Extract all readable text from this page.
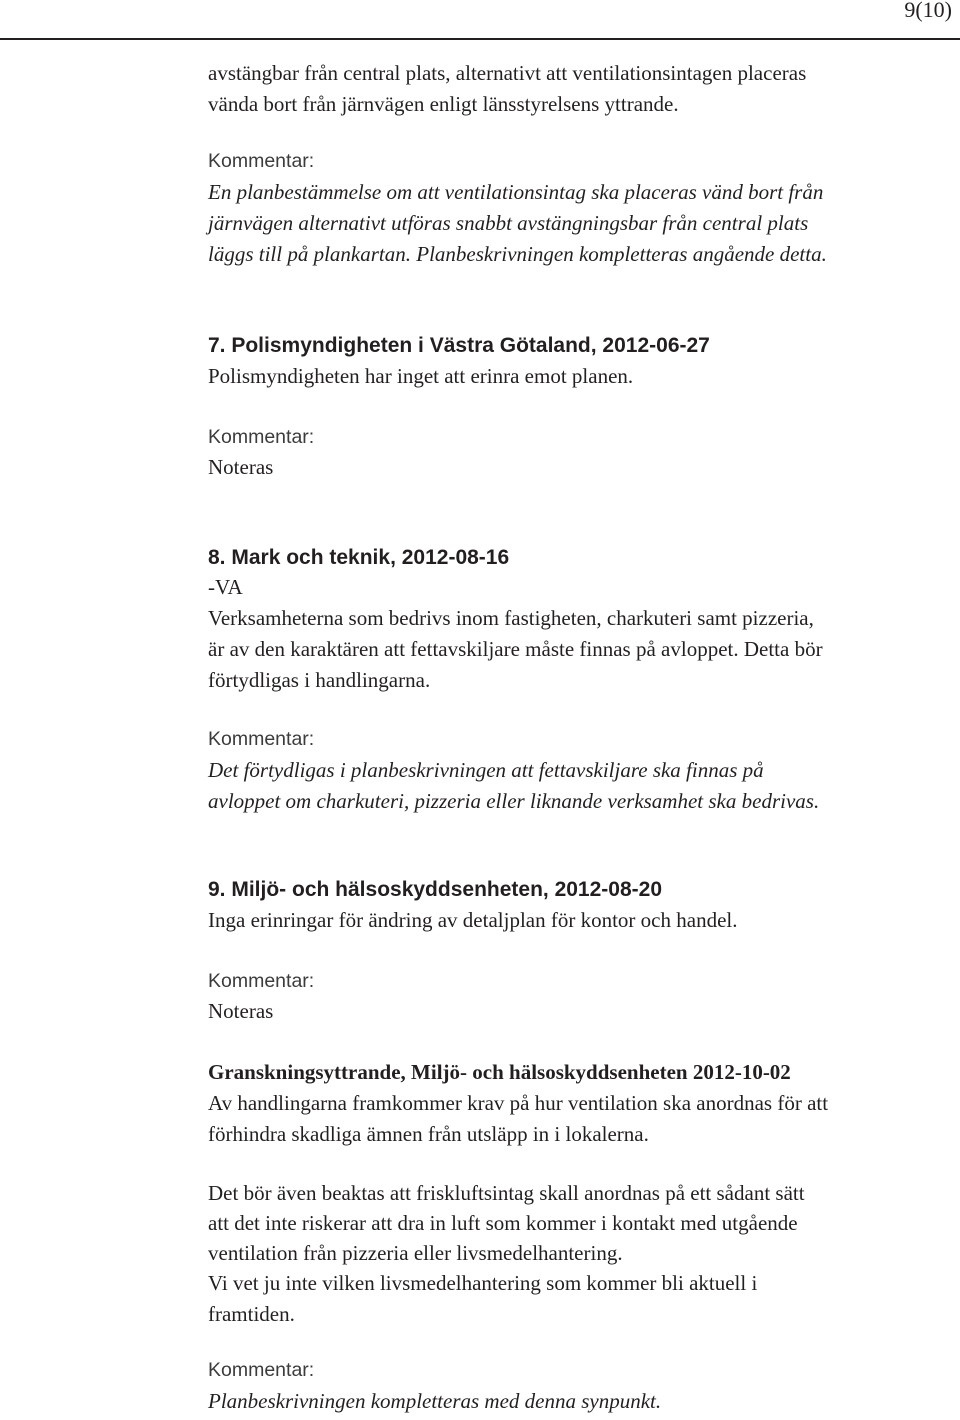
9(10)

avstängbar från central plats, alternativt att ventilationsintagen placeras

vända bort från järnvägen enligt länsstyrelsens yttrande.

Kommentar:

En planbestämmelse om att ventilationsintag ska placeras vänd bort från

järnvägen alternativt utföras snabbt avstängningsbar från central plats

läggs till på plankartan. Planbeskrivningen kompletteras angående detta.

7. Polismyndigheten i Västra Götaland, 2012-06-27

Polismyndigheten har inget att erinra emot planen.

Kommentar:

Noteras

8. Mark och teknik, 2012-08-16

-VA

Verksamheterna som bedrivs inom fastigheten, charkuteri samt pizzeria,

är av den karaktären att fettavskiljare måste finnas på avloppet. Detta bör

förtydligas i handlingarna.

Kommentar:

Det förtydligas i planbeskrivningen att fettavskiljare ska finnas på

avloppet om charkuteri, pizzeria eller liknande verksamhet ska bedrivas.

9. Miljö- och hälsoskyddsenheten, 2012-08-20

Inga erinringar för ändring av detaljplan för kontor och handel.

Kommentar:

Noteras

Granskningsyttrande, Miljö- och hälsoskyddsenheten 2012-10-02

Av handlingarna framkommer krav på hur ventilation ska anordnas för att

förhindra skadliga ämnen från utsläpp in i lokalerna.

Det bör även beaktas att friskluftsintag skall anordnas på ett sådant sätt

att det inte riskerar att dra in luft som kommer i kontakt med utgående

ventilation från pizzeria eller livsmedelhantering.

Vi vet ju inte vilken livsmedelhantering som kommer bli aktuell i

framtiden.

Kommentar:

Planbeskrivningen kompletteras med denna synpunkt.
